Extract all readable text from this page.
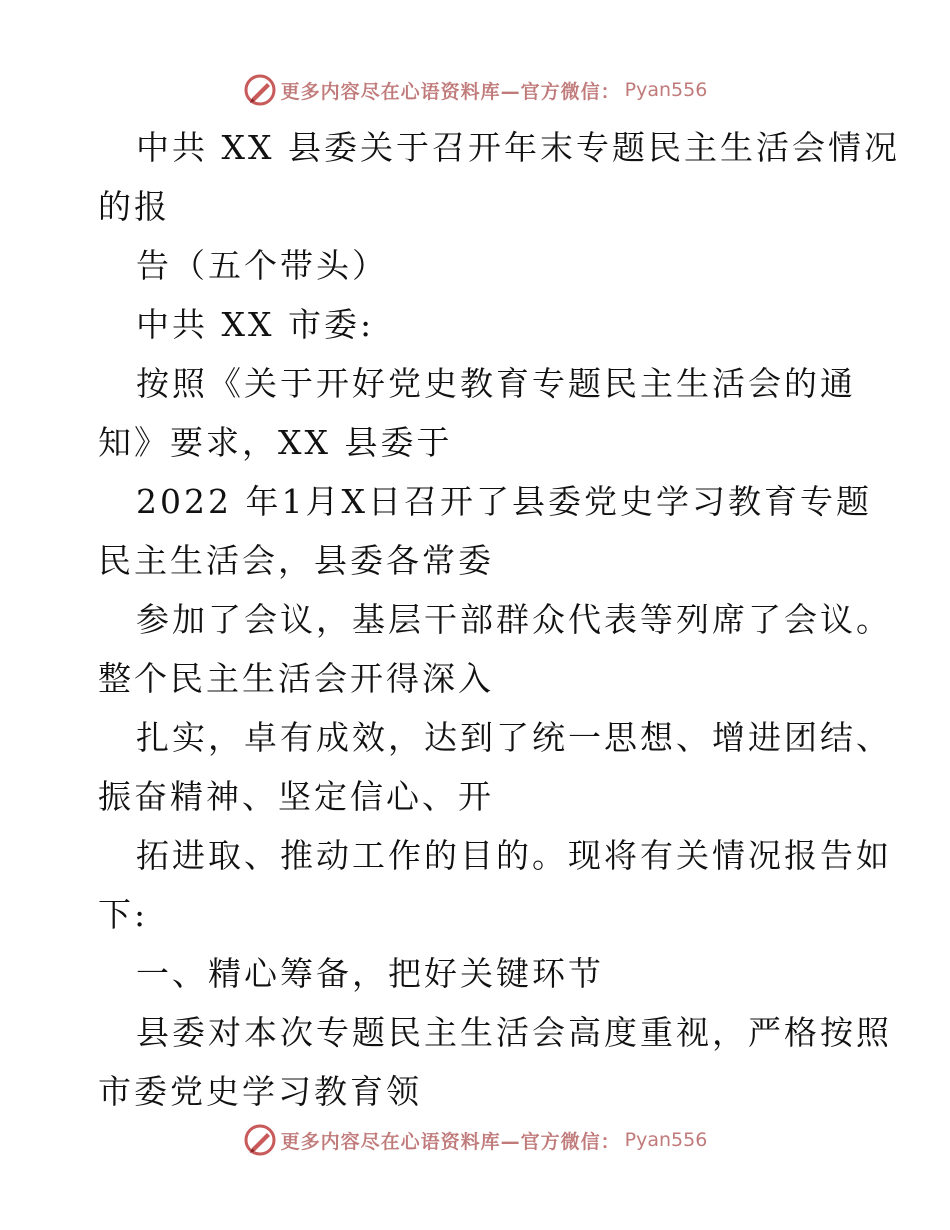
更多内容尽在心语资料库—官方微信： Pyan556

中共 XX 县委关于召开年末专题民主生活会情况

的报

告（五个带头）

中共 XX 市委:

按照《关于开好党史教育专题民主生活会的通

知》要求，XX 县委于

2022 年1月X日召开了县委党史学习教育专题

民主生活会，县委各常委

参加了会议，基层干部群众代表等列席了会议。

整个民主生活会开得深入

扎实，卓有成效，达到了统一思想、增进团结、

振奋精神、坚定信心、开

拓进取、推动工作的目的。现将有关情况报告如

下:

一、精心筹备，把好关键环节

县委对本次专题民主生活会高度重视，严格按照

市委党史学习教育领

更多内容尽在心语资料库—官方微信： Pyan556
